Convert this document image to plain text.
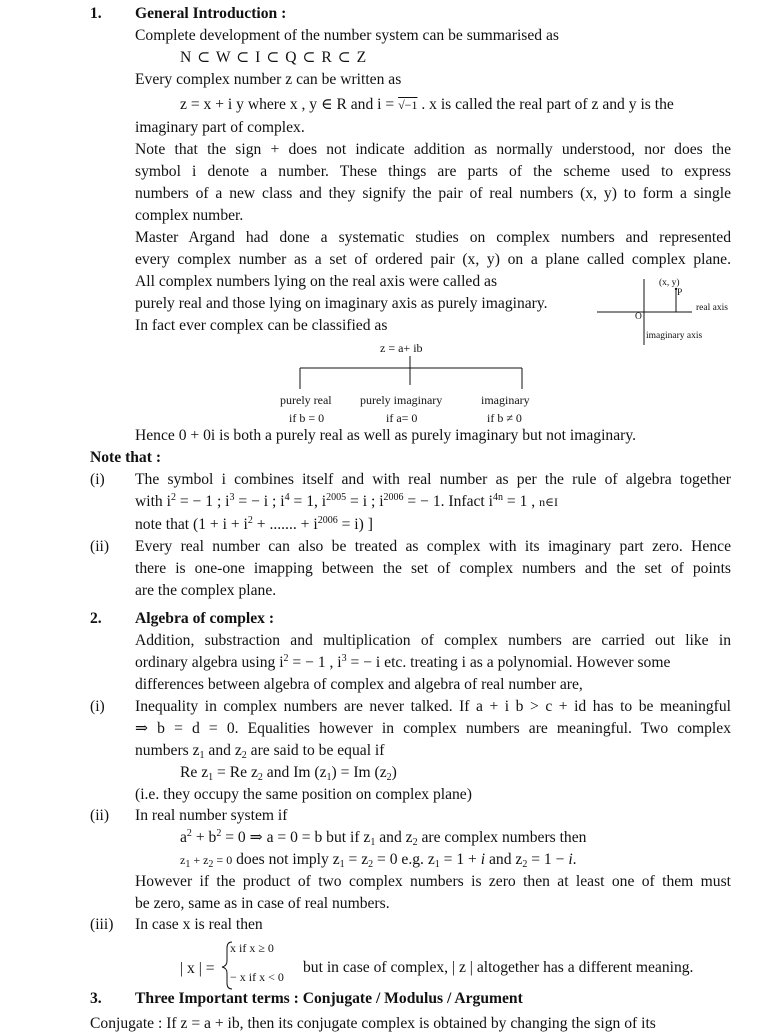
1. General Introduction :
Complete development of the number system can be summarised as
N ⊂ W ⊂ I ⊂ Q ⊂ R ⊂ Z
Every complex number z can be written as
z = x + i y where x , y ∈ R and i = √−1 . x is called the real part of z and y is the
imaginary part of complex.
Note that the sign + does not indicate addition as normally understood, nor does the
symbol i denote a number. These things are parts of the scheme used to express
numbers of a new class and they signify the pair of real numbers (x, y) to form a single
complex number.
Master Argand had done a systematic studies on complex numbers and represented
every complex number as a set of ordered pair (x, y) on a plane called complex plane.
All complex numbers lying on the real axis were called as
purely real and those lying on imaginary axis as purely imaginary.
In fact ever complex can be classified as
(x, y)
P
real axis
O
imaginary axis
z = a+ ib
purely real purely imaginary	imaginary
if b = 0	if a= 0	if b ≠ 0
Hence 0 + 0i is both a purely real as well as purely imaginary but not imaginary.
Note that :
(i) The symbol i combines itself and with real number as per the rule of algebra together
with $i^2$ = − 1 ; $i^3$ = − i ; $i^4 = 1$, $i^{2005} = i$ ; $i^{2006}$ = − 1. Infact $i^{4n} = 1$ , n∈I
note that ($1 + i + i^2$ + ....... + $i^{2006} = i$) ]
(ii) Every real number can also be treated as complex with its imaginary part zero. Hence
there is one-one imapping between the set of complex numbers and the set of points
are the complex plane.
2. Algebra of complex :
Addition, substraction and multiplication of complex numbers are carried out like in
ordinary algebra using $i^2$ = − 1 , $i^3$ = − i etc. treating i as a polynomial. However some
differences between algebra of complex and algebra of real number are,
(i) Inequality in complex numbers are never talked. If a + i b > c + id has to be meaningful
⇒ b = d = 0. Equalities however in complex numbers are meaningful. Two complex
numbers $z_1$ and $z_2$ are said to be equal if
Re $z_1 = Re$ $z_2$ and Im $(z_1) = Im$ $(z_2)$
(i.e. they occupy the same position on complex plane)
(ii) In real number system if
$a^2 + b^2 = 0$ ⇒ a = 0 = b but if $z_1$ and $z_2$ are complex numbers then
$z_1 + z_2 = 0$ does not imply $z_1 = z_2 = 0$ e.g. $z_1 = 1 + i$ and $z_2 = 1 - i$.
However if the product of two complex numbers is zero then at least one of them must
be zero, same as in case of real numbers.
(iii) In case x is real then
| x | =
x if x ≥ 0
− x if x < 0
but in case of complex, | z | altogether has a different meaning.
3. Three Important terms : Conjugate / Modulus / Argument
Conjugate : If z = a + ib, then its conjugate complex is obtained by changing the sign of its
